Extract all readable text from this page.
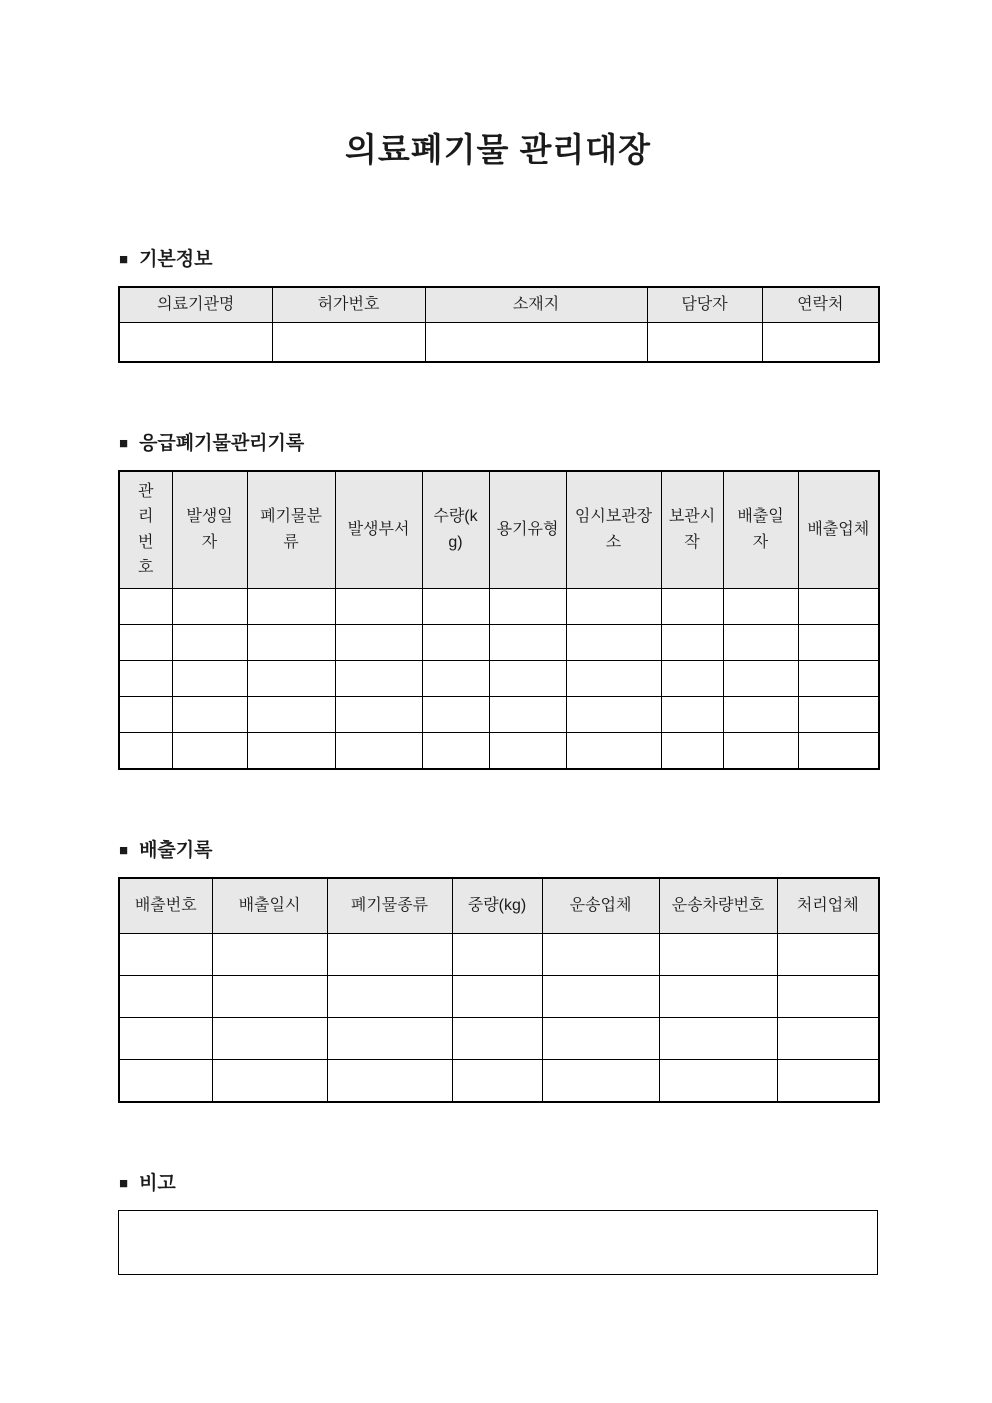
의료폐기물 관리대장
■ 기본정보
의료기관명	허가번호	소재지	담당자	연락처

■ 응급폐기물관리기록
관리번호	발생일자	폐기물분류	발생부서	수량(kg)	용기유형	임시보관장소	보관시작	배출일자	배출업체

■ 배출기록
배출번호	배출일시	폐기물종류	중량(kg)	운송업체	운송차량번호	처리업체

■ 비고
